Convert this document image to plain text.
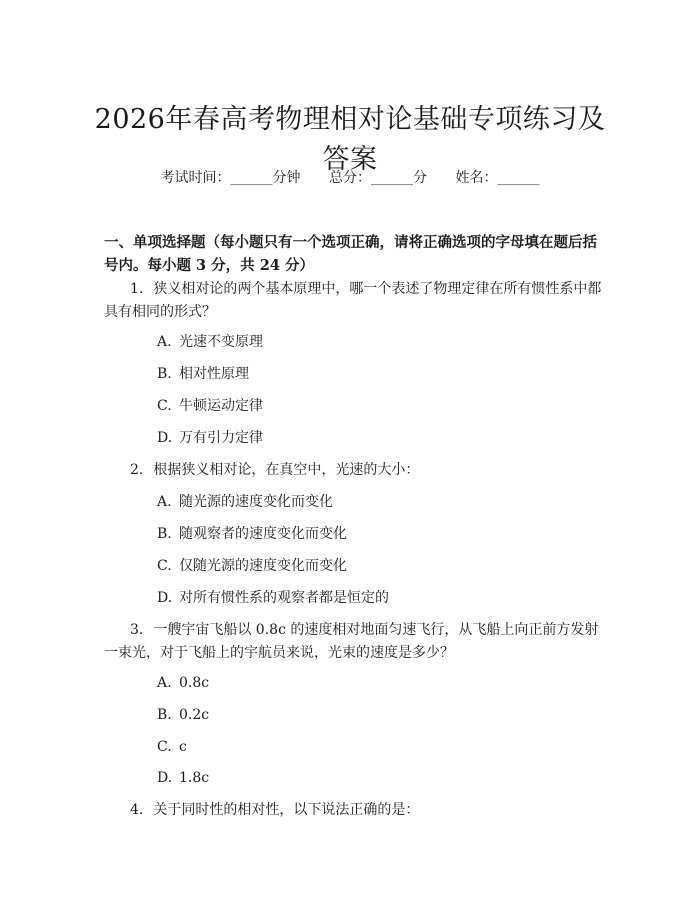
2026年春高考物理相对论基础专项练习及答案
考试时间：______分钟 总分：______分 姓名：______
一、单项选择题（每小题只有一个选项正确，请将正确选项的字母填在题后括号内。每小题 3 分，共 24 分）
1. 狭义相对论的两个基本原理中，哪一个表述了物理定律在所有惯性系中都具有相同的形式？
A. 光速不变原理
B. 相对性原理
C. 牛顿运动定律
D. 万有引力定律
2. 根据狭义相对论，在真空中，光速的大小：
A. 随光源的速度变化而变化
B. 随观察者的速度变化而变化
C. 仅随光源的速度变化而变化
D. 对所有惯性系的观察者都是恒定的
3. 一艘宇宙飞船以 0.8c 的速度相对地面匀速飞行，从飞船上向正前方发射一束光，对于飞船上的宇航员来说，光束的速度是多少？
A. 0.8c
B. 0.2c
C. c
D. 1.8c
4. 关于同时性的相对性，以下说法正确的是：
